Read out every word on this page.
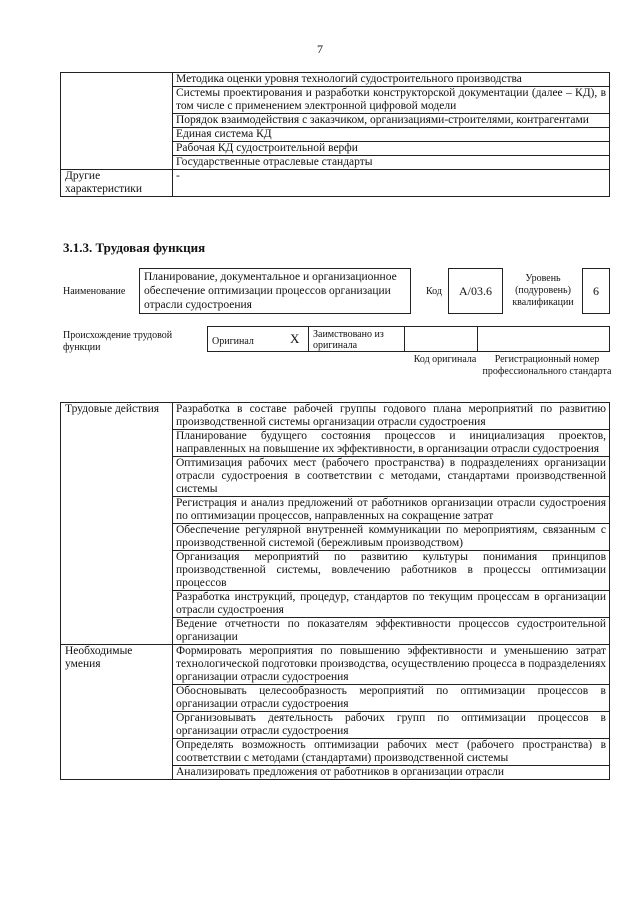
7
	Методика оценки уровня технологий судостроительного производства
	Системы проектирования и разработки конструкторской документации (далее – КД), в том числе с применением электронной цифровой модели
	Порядок взаимодействия с заказчиком, организациями-строителями, контрагентами
	Единая система КД
	Рабочая КД судостроительной верфи
	Государственные отраслевые стандарты
Другие характеристики	-
3.1.3. Трудовая функция
Наименование
Планирование, документальное и организационное обеспечение оптимизации процессов организации отрасли судостроения
Код	А/03.6
Уровень (подуровень) квалификации
6
Происхождение трудовой функции
Оригинал	X	Заимствовано из оригинала
Код оригинала	Регистрационный номер профессионального стандарта
Трудовые действия	Разработка в составе рабочей группы годового плана мероприятий по развитию производственной системы организации отрасли судостроения
	Планирование будущего состояния процессов и инициализация проектов, направленных на повышение их эффективности, в организации отрасли судостроения
	Оптимизация рабочих мест (рабочего пространства) в подразделениях организации отрасли судостроения в соответствии с методами, стандартами производственной системы
	Регистрация и анализ предложений от работников организации отрасли судостроения по оптимизации процессов, направленных на сокращение затрат
	Обеспечение регулярной внутренней коммуникации по мероприятиям, связанным с производственной системой (бережливым производством)
	Организация мероприятий по развитию культуры понимания принципов производственной системы, вовлечению работников в процессы оптимизации процессов
	Разработка инструкций, процедур, стандартов по текущим процессам в организации отрасли судостроения
	Ведение отчетности по показателям эффективности процессов судостроительной организации
Необходимые умения	Формировать мероприятия по повышению эффективности и уменьшению затрат технологической подготовки производства, осуществлению процесса в подразделениях организации отрасли судостроения
	Обосновывать целесообразность мероприятий по оптимизации процессов в организации отрасли судостроения
	Организовывать деятельность рабочих групп по оптимизации процессов в организации отрасли судостроения
	Определять возможность оптимизации рабочих мест (рабочего пространства) в соответствии с методами (стандартами) производственной системы
	Анализировать предложения от работников в организации отрасли
